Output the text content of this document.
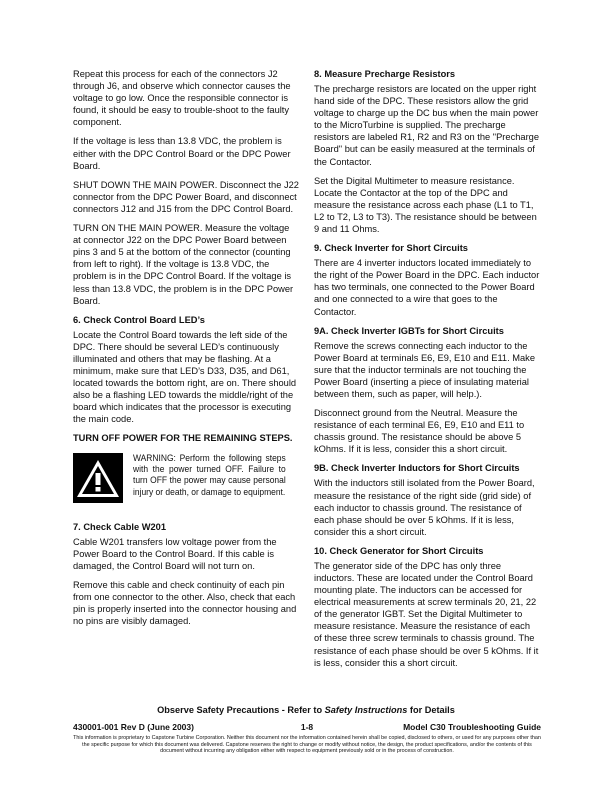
Repeat this process for each of the connectors J2 through J6, and observe which connector causes the voltage to go low. Once the responsible connector is found, it should be easy to trouble-shoot to the faulty component.

If the voltage is less than 13.8 VDC, the problem is either with the DPC Control Board or the DPC Power Board.

SHUT DOWN THE MAIN POWER. Disconnect the J22 connector from the DPC Power Board, and disconnect connectors J12 and J15 from the DPC Control Board.

TURN ON THE MAIN POWER. Measure the voltage at connector J22 on the DPC Power Board between pins 3 and 5 at the bottom of the connector (counting from left to right). If the voltage is 13.8 VDC, the problem is in the DPC Control Board. If the voltage is less than 13.8 VDC, the problem is in the DPC Power Board.

6. Check Control Board LED’s

Locate the Control Board towards the left side of the DPC. There should be several LED’s continuously illuminated and others that may be flashing. At a minimum, make sure that LED’s D33, D35, and D61, located towards the bottom right, are on. There should also be a flashing LED towards the middle/right of the board which indicates that the processor is executing the main code.

TURN OFF POWER FOR THE REMAINING STEPS.
WARNING: Perform the following steps with the power turned OFF. Failure to turn OFF the power may cause personal injury or death, or damage to equipment.
7. Check Cable W201

Cable W201 transfers low voltage power from the Power Board to the Control Board. If this cable is damaged, the Control Board will not turn on.

Remove this cable and check continuity of each pin from one connector to the other. Also, check that each pin is properly inserted into the connector housing and no pins are visibly damaged.

8. Measure Precharge Resistors

The precharge resistors are located on the upper right hand side of the DPC. These resistors allow the grid voltage to charge up the DC bus when the main power to the MicroTurbine is supplied. The precharge resistors are labeled R1, R2 and R3 on the "Precharge Board" but can be easily measured at the terminals of the Contactor.

Set the Digital Multimeter to measure resistance. Locate the Contactor at the top of the DPC and measure the resistance across each phase (L1 to T1, L2 to T2, L3 to T3). The resistance should be between 9 and 11 Ohms.

9. Check Inverter for Short Circuits

There are 4 inverter inductors located immediately to the right of the Power Board in the DPC. Each inductor has two terminals, one connected to the Power Board and one connected to a wire that goes to the Contactor.

9A. Check Inverter IGBTs for Short Circuits

Remove the screws connecting each inductor to the Power Board at terminals E6, E9, E10 and E11. Make sure that the inductor terminals are not touching the Power Board (inserting a piece of insulating material between them, such as paper, will help.).

Disconnect ground from the Neutral. Measure the resistance of each terminal E6, E9, E10 and E11 to chassis ground. The resistance should be above 5 kOhms. If it is less, consider this a short circuit.

9B. Check Inverter Inductors for Short Circuits

With the inductors still isolated from the Power Board, measure the resistance of the right side (grid side) of each inductor to chassis ground. The resistance of each phase should be over 5 kOhms. If it is less, consider this a short circuit.

10. Check Generator for Short Circuits

The generator side of the DPC has only three inductors. These are located under the Control Board mounting plate. The inductors can be accessed for electrical measurements at screw terminals 20, 21, 22 of the generator IGBT. Set the Digital Multimeter to measure resistance. Measure the resistance of each of these three screw terminals to chassis ground. The resistance of each phase should be over 5 kOhms. If it is less, consider this a short circuit.

Observe Safety Precautions - Refer to Safety Instructions for Details
430001-001 Rev D (June 2003)	1-8	Model C30 Troubleshooting Guide
This information is proprietary to Capstone Turbine Corporation. Neither this document nor the information contained herein shall be copied, disclosed to others, or used for any purposes other than the specific purpose for which this document was delivered. Capstone reserves the right to change or modify without notice, the design, the product specifications, and/or the contents of this document without incurring any obligation either with respect to equipment previously sold or in the process of construction.
